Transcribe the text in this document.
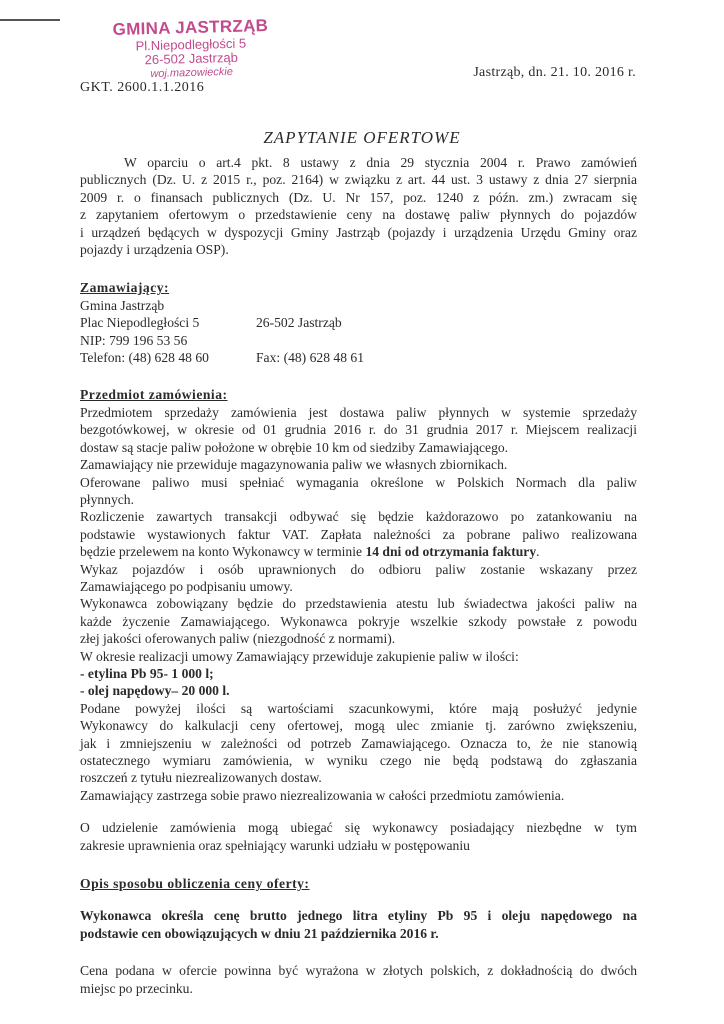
GMINA JASTRZĄB
Pl.Niepodległości 5
26-502 Jastrząb
woj.mazowieckie
GKT. 2600.1.1.2016
Jastrząb, dn. 21. 10. 2016 r.
ZAPYTANIE OFERTOWE

W oparciu o art.4 pkt. 8 ustawy z dnia 29 stycznia 2004 r. Prawo zamówień

publicznych (Dz. U. z 2015 r., poz. 2164) w związku z art. 44 ust. 3 ustawy z dnia 27 sierpnia

2009 r. o finansach publicznych (Dz. U. Nr 157, poz. 1240 z późn. zm.) zwracam się

z zapytaniem ofertowym o przedstawienie ceny na dostawę paliw płynnych do pojazdów

i urządzeń będących w dyspozycji Gminy Jastrząb (pojazdy i urządzenia Urzędu Gminy oraz

pojazdy i urządzenia OSP).

Zamawiający:

Gmina Jastrząb

Plac Niepodległości 5	26-502 Jastrząb

NIP: 799 196 53 56

Telefon: (48) 628 48 60	Fax: (48) 628 48 61

Przedmiot zamówienia:

Przedmiotem sprzedaży zamówienia jest dostawa paliw płynnych w systemie sprzedaży

bezgotówkowej, w okresie od 01 grudnia 2016 r. do 31 grudnia 2017 r. Miejscem realizacji

dostaw są stacje paliw położone w obrębie 10 km od siedziby Zamawiającego.

Zamawiający nie przewiduje magazynowania paliw we własnych zbiornikach.

Oferowane paliwo musi spełniać wymagania określone w Polskich Normach dla paliw

płynnych.

Rozliczenie zawartych transakcji odbywać się będzie każdorazowo po zatankowaniu na

podstawie wystawionych faktur VAT. Zapłata należności za pobrane paliwo realizowana

będzie przelewem na konto Wykonawcy w terminie 14 dni od otrzymania faktury.

Wykaz pojazdów i osób uprawnionych do odbioru paliw zostanie wskazany przez

Zamawiającego po podpisaniu umowy.

Wykonawca zobowiązany będzie do przedstawienia atestu lub świadectwa jakości paliw na

każde życzenie Zamawiającego. Wykonawca pokryje wszelkie szkody powstałe z powodu

złej jakości oferowanych paliw (niezgodność z normami).

W okresie realizacji umowy Zamawiający przewiduje zakupienie paliw w ilości:

- etylina Pb 95- 1 000 l;

- olej napędowy– 20 000 l.

Podane powyżej ilości są wartościami szacunkowymi, które mają posłużyć jedynie

Wykonawcy do kalkulacji ceny ofertowej, mogą ulec zmianie tj. zarówno zwiększeniu,

jak i zmniejszeniu w zależności od potrzeb Zamawiającego. Oznacza to, że nie stanowią

ostatecznego wymiaru zamówienia, w wyniku czego nie będą podstawą do zgłaszania

roszczeń z tytułu niezrealizowanych dostaw.

Zamawiający zastrzega sobie prawo niezrealizowania w całości przedmiotu zamówienia.

O udzielenie zamówienia mogą ubiegać się wykonawcy posiadający niezbędne w tym

zakresie uprawnienia oraz spełniający warunki udziału w postępowaniu

Opis sposobu obliczenia ceny oferty:

Wykonawca określa cenę brutto jednego litra etyliny Pb 95 i oleju napędowego na

podstawie cen obowiązujących w dniu 21 października 2016 r.

Cena podana w ofercie powinna być wyrażona w złotych polskich, z dokładnością do dwóch

miejsc po przecinku.
